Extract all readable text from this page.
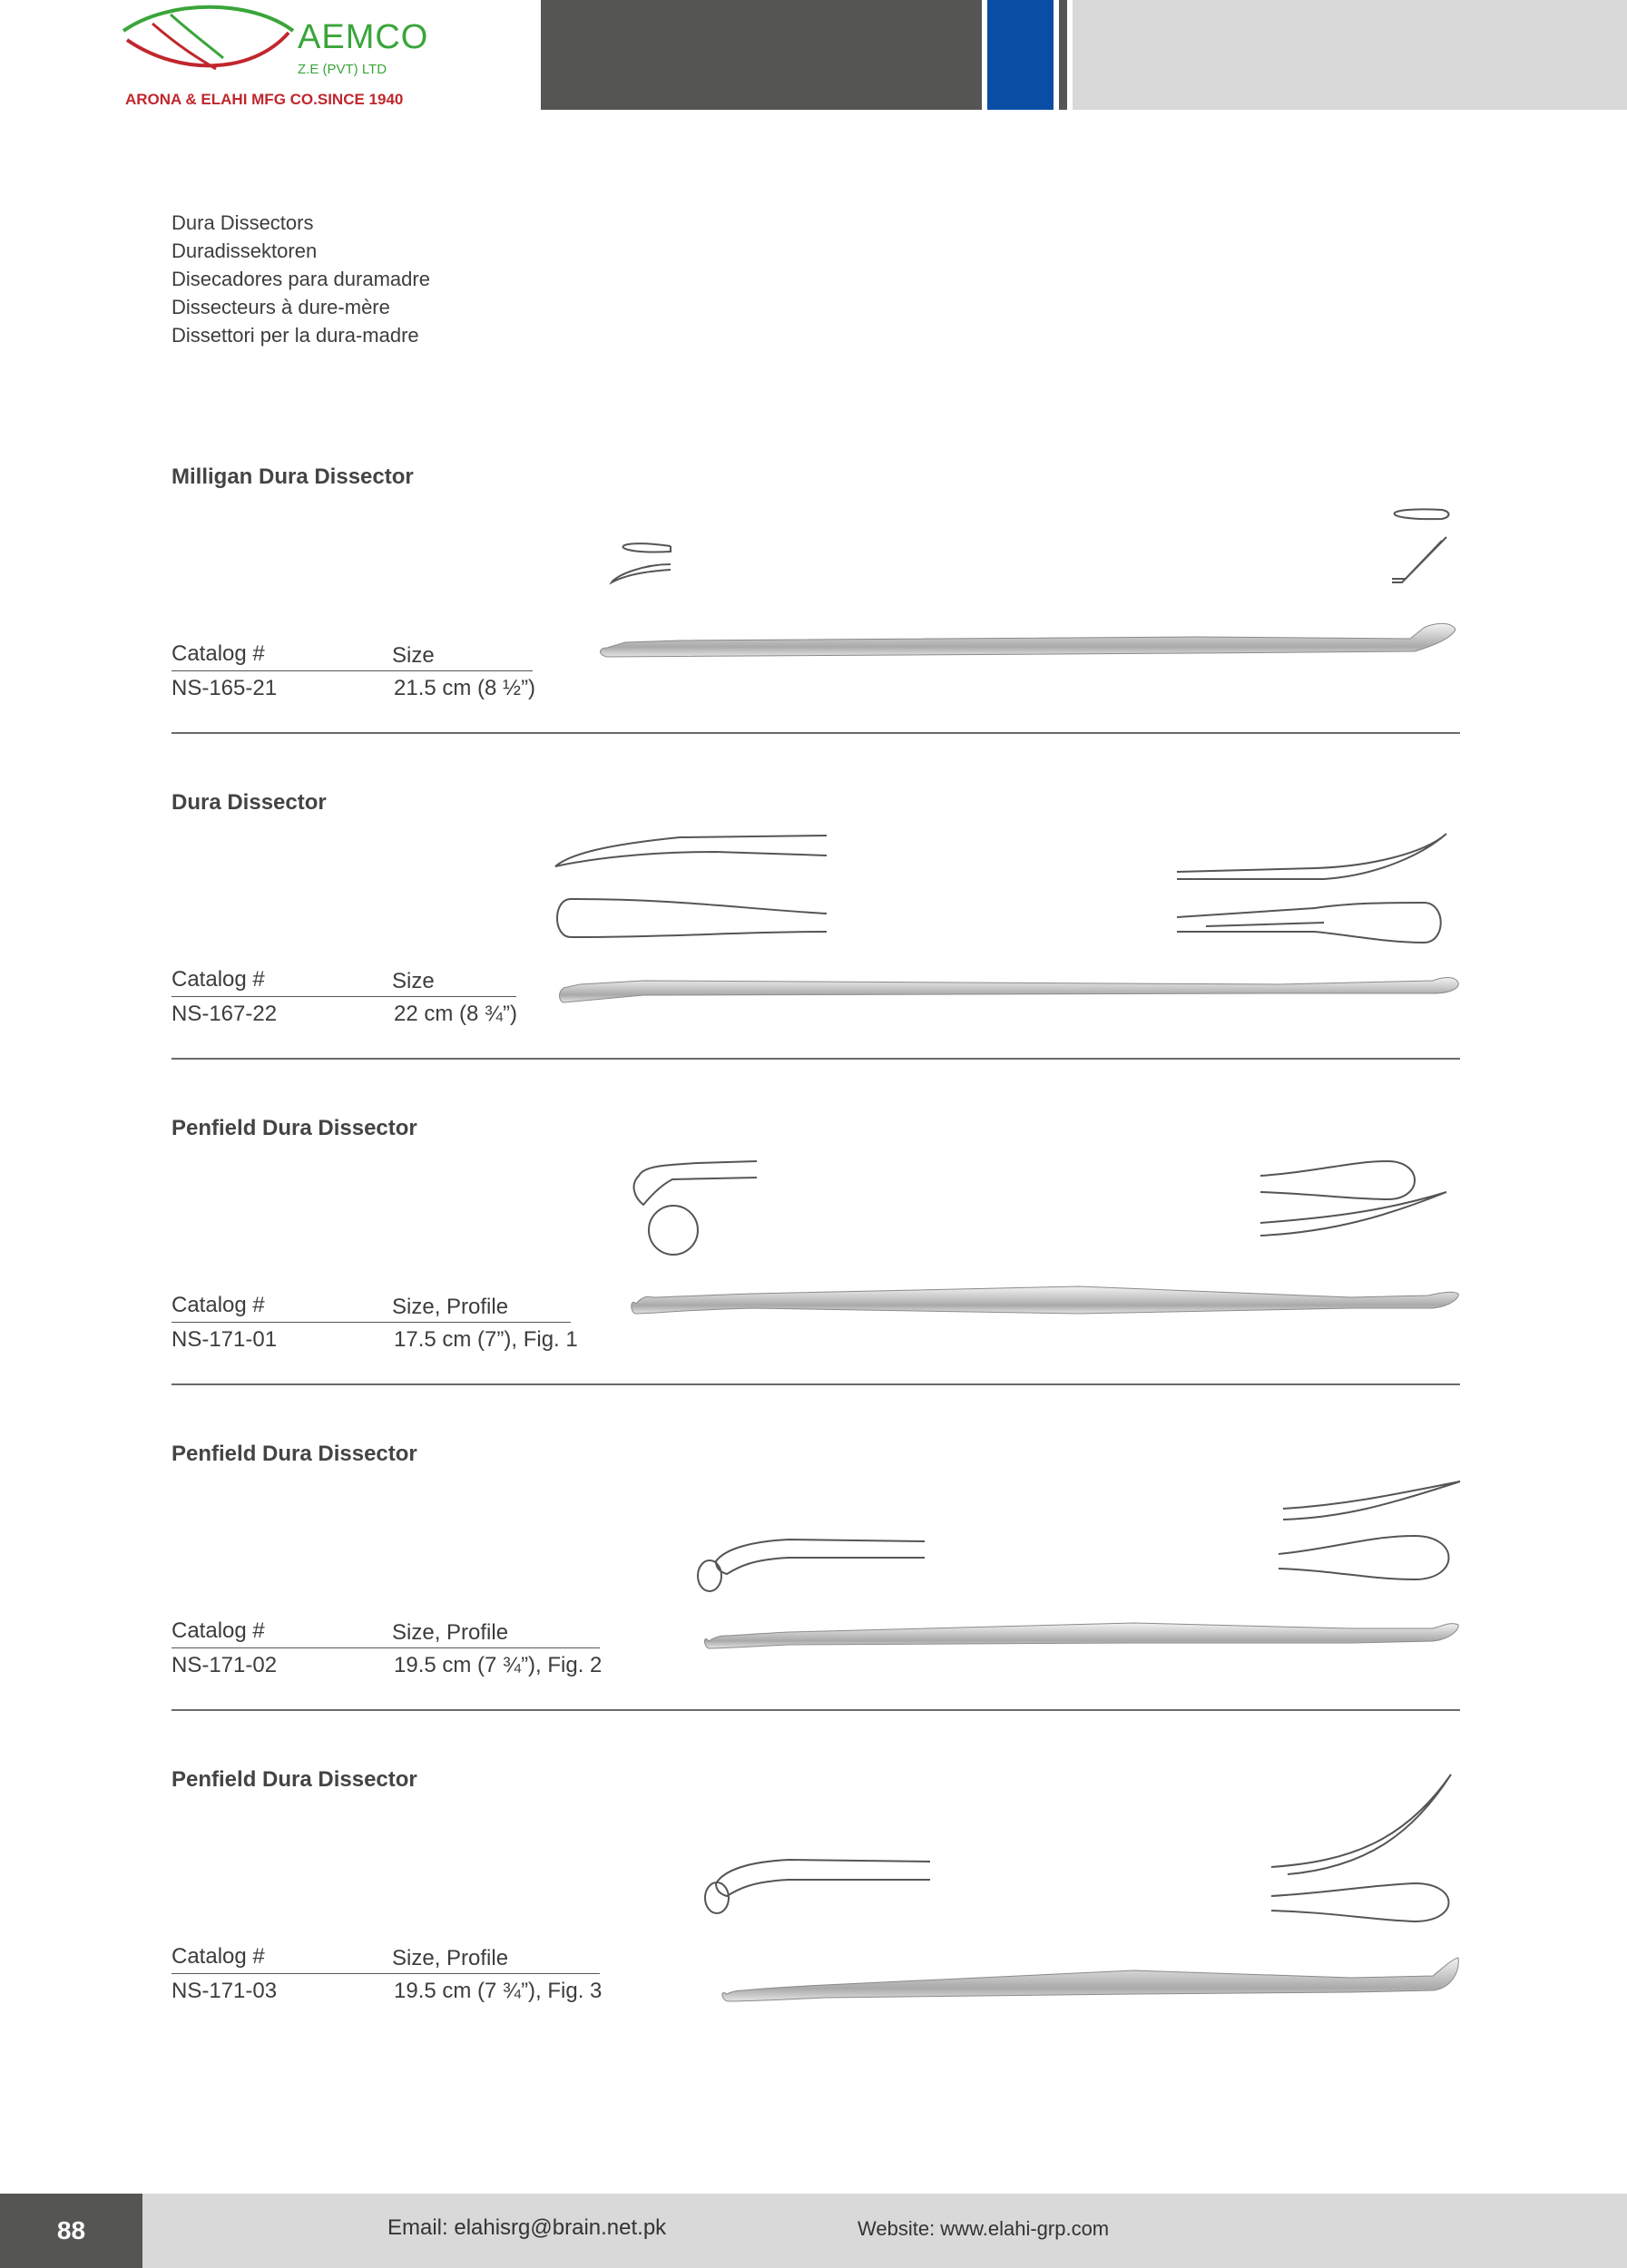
AEMCO
Z.E (PVT) LTD
ARONA & ELAHI MFG CO.SINCE 1940
Dura Dissectors
Duradissektoren
Disecadores para duramadre
Dissecteurs à dure-mère
Dissettori per la dura-madre
Milligan Dura Dissector
Catalog #	Size
NS-165-21	21.5 cm (8 ½”)
Dura Dissector
Catalog #	Size
NS-167-22	22 cm (8 ¾”)
Penfield Dura Dissector
Catalog #	Size, Profile
NS-171-01	17.5 cm (7”), Fig. 1
Penfield Dura Dissector
Catalog #	Size, Profile
NS-171-02	19.5 cm (7 ¾”), Fig. 2
Penfield Dura Dissector
Catalog #	Size, Profile
NS-171-03	19.5 cm (7 ¾”), Fig. 3
88	Email: elahisrg@brain.net.pk	Website: www.elahi-grp.com
